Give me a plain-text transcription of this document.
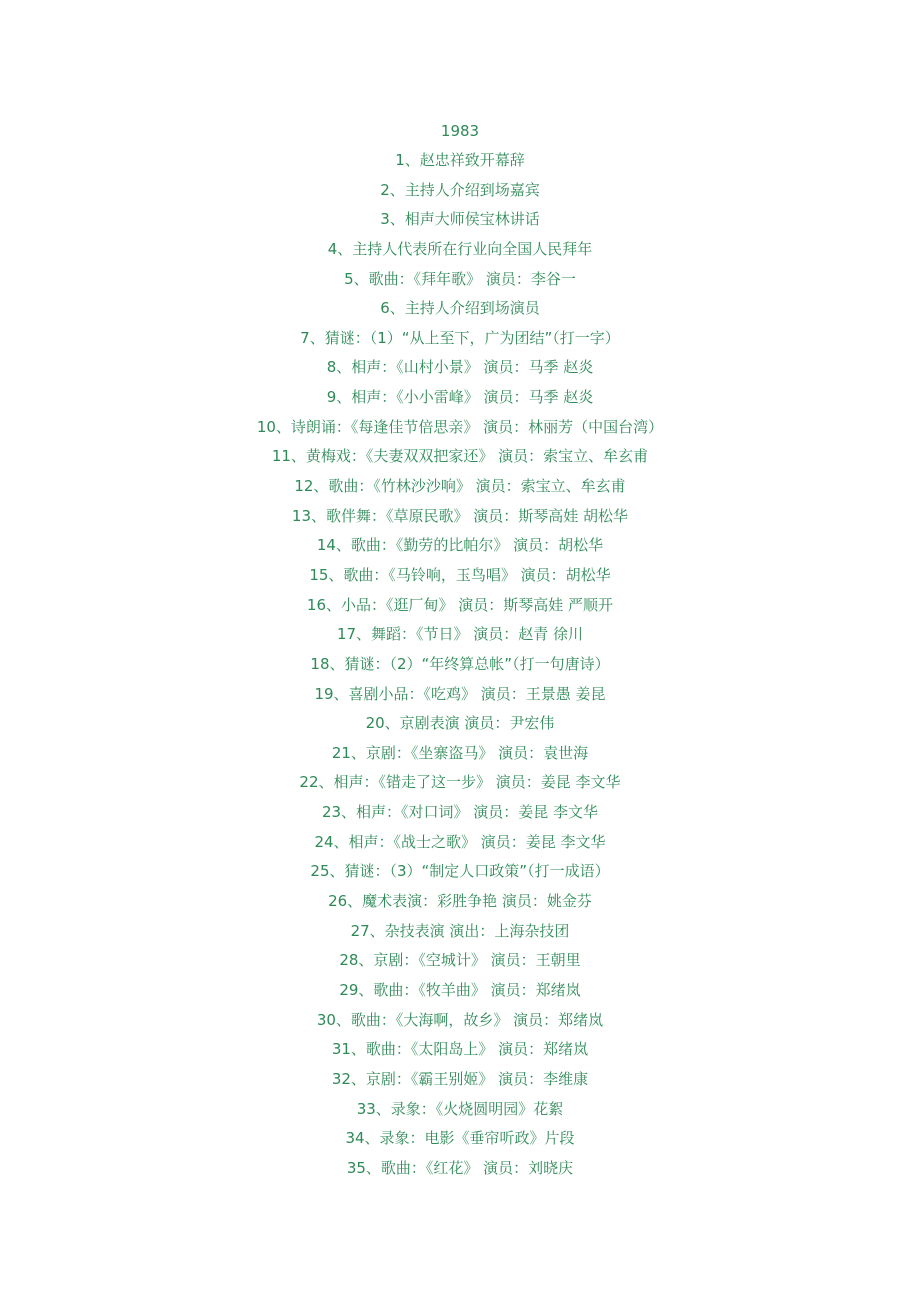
1983
1、赵忠祥致开幕辞
2、主持人介绍到场嘉宾
3、相声大师侯宝林讲话
4、主持人代表所在行业向全国人民拜年
5、歌曲：《拜年歌》 演员：李谷一
6、主持人介绍到场演员
7、猜谜：（1）“从上至下，广为团结”（打一字）
8、相声：《山村小景》 演员：马季 赵炎
9、相声：《小小雷峰》 演员：马季 赵炎
10、诗朗诵：《每逢佳节倍思亲》 演员：林丽芳（中国台湾）
11、黄梅戏：《夫妻双双把家还》 演员：索宝立、牟玄甫
12、歌曲：《竹林沙沙响》 演员：索宝立、牟玄甫
13、歌伴舞：《草原民歌》 演员：斯琴高娃 胡松华
14、歌曲：《勤劳的比帕尔》 演员：胡松华
15、歌曲：《马铃响，玉鸟唱》 演员：胡松华
16、小品：《逛厂甸》 演员：斯琴高娃 严顺开
17、舞蹈：《节日》 演员：赵青 徐川
18、猜谜：（2）“年终算总帐”（打一句唐诗）
19、喜剧小品：《吃鸡》 演员：王景愚 姜昆
20、京剧表演 演员：尹宏伟
21、京剧：《坐寨盗马》 演员：袁世海
22、相声：《错走了这一步》 演员：姜昆 李文华
23、相声：《对口词》 演员：姜昆 李文华
24、相声：《战士之歌》 演员：姜昆 李文华
25、猜谜：（3）“制定人口政策”（打一成语）
26、魔术表演：彩胜争艳 演员：姚金芬
27、杂技表演 演出：上海杂技团
28、京剧：《空城计》 演员：王朝里
29、歌曲：《牧羊曲》 演员：郑绪岚
30、歌曲：《大海啊，故乡》 演员：郑绪岚
31、歌曲：《太阳岛上》 演员：郑绪岚
32、京剧：《霸王别姬》 演员：李维康
33、录象：《火烧圆明园》花絮
34、录象：电影《垂帘听政》片段
35、歌曲：《红花》 演员：刘晓庆
